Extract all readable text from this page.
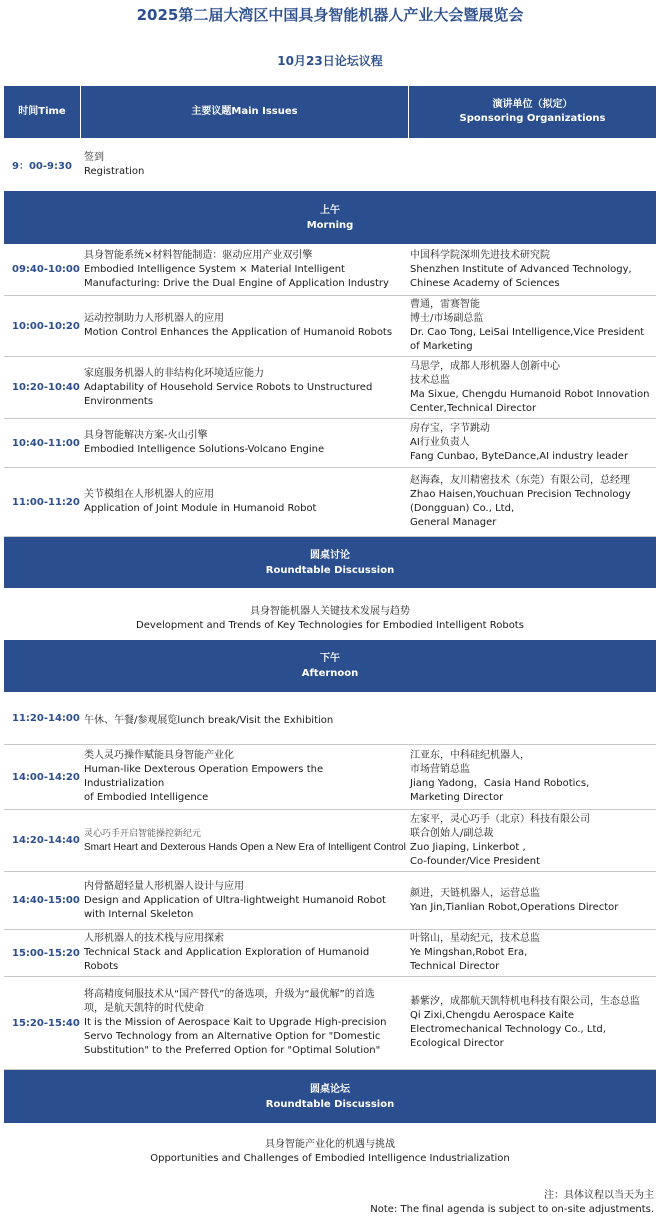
2025第二届大湾区中国具身智能机器人产业大会暨展览会
10月23日论坛议程
时间Time	主要议题Main Issues
演讲单位（拟定）
Sponsoring Organizations
9：00-9:30
签到
Registration
上午
Morning
09:40-10:00
具身智能系统×材料智能制造：驱动应用产业双引擎
Embodied Intelligence System × Material Intelligent
Manufacturing: Drive the Dual Engine of Application Industry
中国科学院深圳先进技术研究院
Shenzhen Institute of Advanced Technology,
Chinese Academy of Sciences
10:00-10:20
运动控制助力人形机器人的应用
Motion Control Enhances the Application of Humanoid Robots
曹通，雷赛智能
博士/市场副总监
Dr. Cao Tong, LeiSai Intelligence,Vice President
of Marketing
10:20-10:40
家庭服务机器人的非结构化环境适应能力
Adaptability of Household Service Robots to Unstructured
Environments
马思学，成都人形机器人创新中心
技术总监
Ma Sixue, Chengdu Humanoid Robot Innovation
Center,Technical Director
10:40-11:00
具身智能解决方案-火山引擎
Embodied Intelligence Solutions-Volcano Engine
房存宝，字节跳动
AI行业负责人
Fang Cunbao, ByteDance,AI industry leader
11:00-11:20
关节模组在人形机器人的应用
Application of Joint Module in Humanoid Robot
赵海森，友川精密技术（东莞）有限公司，总经理
Zhao Haisen,Youchuan Precision Technology
(Dongguan) Co., Ltd,
General Manager
圆桌讨论
Roundtable Discussion
具身智能机器人关键技术发展与趋势
Development and Trends of Key Technologies for Embodied Intelligent Robots
下午
Afternoon
11:20-14:00 午休、午餐/参观展览lunch break/Visit the Exhibition
14:00-14:20
类人灵巧操作赋能具身智能产业化
Human-like Dexterous Operation Empowers the Industrialization
of Embodied Intelligence
江亚东，中科硅纪机器人，
市场营销总监
Jiang Yadong，Casia Hand Robotics,
Marketing Director
14:20-14:40
灵心巧手开启智能操控新纪元
Smart Heart and Dexterous Hands Open a New Era of Intelligent Control
左家平，灵心巧手（北京）科技有限公司
联合创始人/副总裁
Zuo Jiaping, Linkerbot ,
Co-founder/Vice President
14:40-15:00
内骨骼超轻量人形机器人设计与应用
Design and Application of Ultra-lightweight Humanoid Robot
with Internal Skeleton
颜进，天链机器人，运营总监
Yan Jin,Tianlian Robot,Operations Director
15:00-15:20
人形机器人的技术栈与应用探索
Technical Stack and Application Exploration of Humanoid Robots
叶铭山，星动纪元，技术总监
Ye Mingshan,Robot Era,
Technical Director
15:20-15:40
将高精度伺服技术从“国产替代”的备选项，升级为“最优解”的首选
项，是航天凯特的时代使命
It is the Mission of Aerospace Kait to Upgrade High-precision
Servo Technology from an Alternative Option for "Domestic
Substitution" to the Preferred Option for "Optimal Solution"
綦紫汐，成都航天凯特机电科技有限公司，生态总监
Qi Zixi,Chengdu Aerospace Kaite
Electromechanical Technology Co., Ltd,
Ecological Director
圆桌论坛
Roundtable Discussion
具身智能产业化的机遇与挑战
Opportunities and Challenges of Embodied Intelligence Industrialization
注：具体议程以当天为主
Note: The final agenda is subject to on-site adjustments.
